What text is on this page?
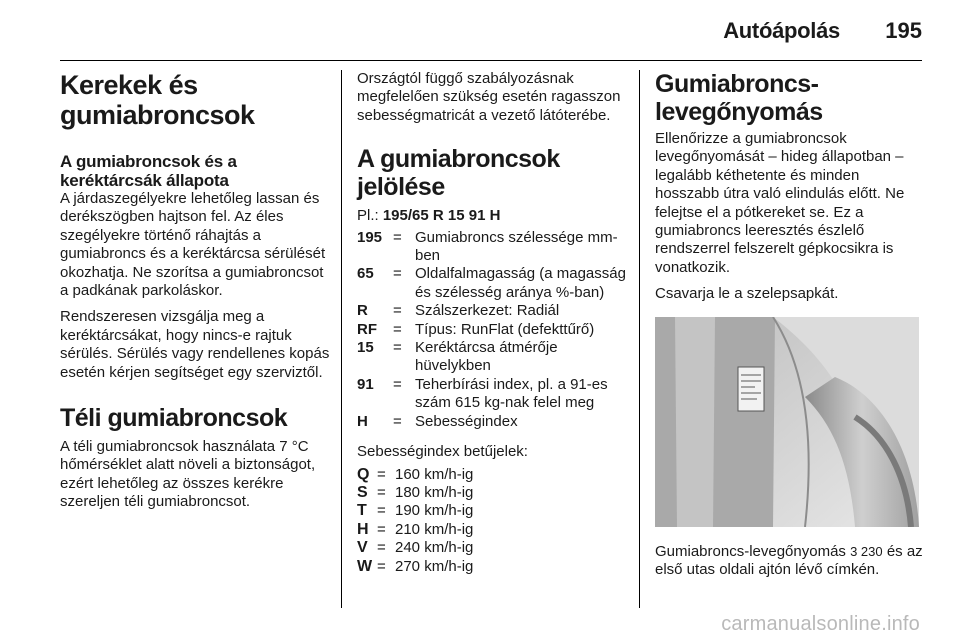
Autóápolás 195
Kerekek és gumiabroncsok
A gumiabroncsok és a keréktárcsák állapota

A járdaszegélyekre lehetőleg lassan és derékszögben hajtson fel. Az éles szegélyekre történő ráhajtás a gumiabroncs és a keréktárcsa sérülését okozhatja. Ne szorítsa a gumiabroncsot a padkának parkoláskor.

Rendszeresen vizsgálja meg a keréktárcsákat, hogy nincs-e rajtuk sérülés. Sérülés vagy rendellenes kopás esetén kérjen segítséget egy szerviztől.

Téli gumiabroncsok

A téli gumiabroncsok használata 7 °C hőmérséklet alatt növeli a biztonságot, ezért lehetőleg az összes kerékre szereljen téli gumiabroncsot.

Országtól függő szabályozásnak megfelelően szükség esetén ragasszon sebességmatricát a vezető látóterébe.

A gumiabroncsok jelölése

Pl.: 195/65 R 15 91 H

195 = Gumiabroncs szélessége mm-ben
65	= Oldalfalmagasság (a magasság és szélesség aránya %-ban)
R	= Szálszerkezet: Radiál
RF	= Típus: RunFlat (defekttűrő)
15	= Keréktárcsa átmérője hüvelykben
91	= Teherbírási index, pl. a 91-es szám 615 kg-nak felel meg
H	= Sebességindex

Sebességindex betűjelek:

Q = 160 km/h-ig
S = 180 km/h-ig
T = 190 km/h-ig
H = 210 km/h-ig
V = 240 km/h-ig
W = 270 km/h-ig
Gumiabroncs-levegőnyomás

Ellenőrizze a gumiabroncsok levegőnyomását – hideg állapotban – legalább kéthetente és minden hosszabb útra való elindulás előtt. Ne felejtse el a pótkereket se. Ez a gumiabroncs leeresztés észlelő rendszerrel felszerelt gépkocsikra is vonatkozik.

Csavarja le a szelepsapkát.

Gumiabroncs-levegőnyomás 3 230 és az első utas oldali ajtón lévő címkén.

carmanualsonline.info
